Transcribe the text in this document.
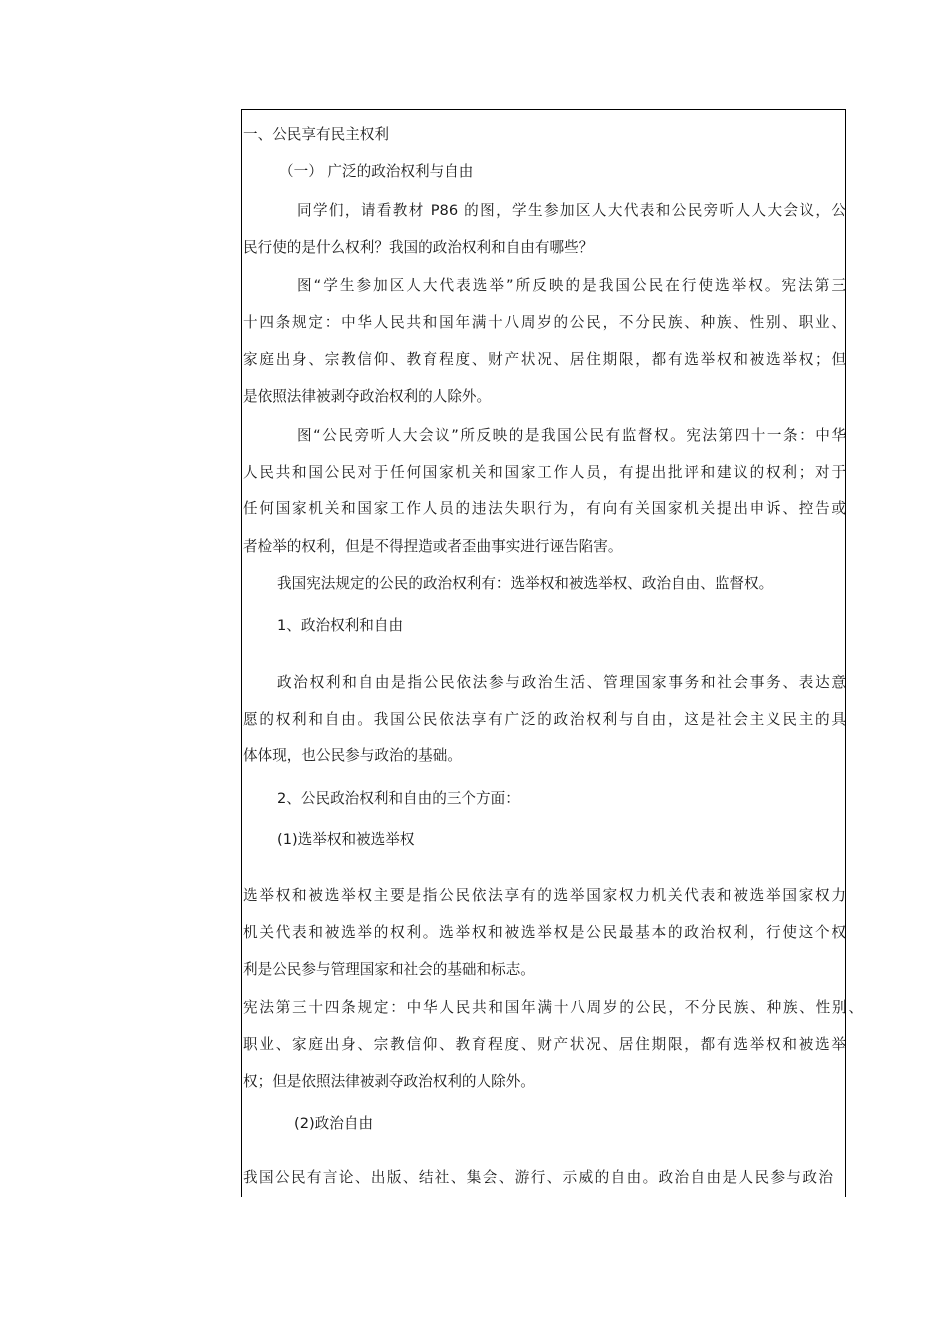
一、公民享有民主权利
（一） 广泛的政治权利与自由
同学们，请看教材 P86 的图，学生参加区人大代表和公民旁听人人大会议，公
民行使的是什么权利？我国的政治权利和自由有哪些？
图“学生参加区人大代表选举”所反映的是我国公民在行使选举权。宪法第三
十四条规定：中华人民共和国年满十八周岁的公民，不分民族、种族、性别、职业、
家庭出身、宗教信仰、教育程度、财产状况、居住期限，都有选举权和被选举权；但
是依照法律被剥夺政治权利的人除外。
图“公民旁听人大会议”所反映的是我国公民有监督权。宪法第四十一条：中华
人民共和国公民对于任何国家机关和国家工作人员，有提出批评和建议的权利；对于
任何国家机关和国家工作人员的违法失职行为，有向有关国家机关提出申诉、控告或
者检举的权利，但是不得捏造或者歪曲事实进行诬告陷害。
我国宪法规定的公民的政治权利有：选举权和被选举权、政治自由、监督权。
1、政治权利和自由
政治权利和自由是指公民依法参与政治生活、管理国家事务和社会事务、表达意
愿的权利和自由。我国公民依法享有广泛的政治权利与自由，这是社会主义民主的具
体体现，也公民参与政治的基础。
2、公民政治权利和自由的三个方面：
(1)选举权和被选举权
选举权和被选举权主要是指公民依法享有的选举国家权力机关代表和被选举国家权力
机关代表和被选举的权利。选举权和被选举权是公民最基本的政治权利，行使这个权
利是公民参与管理国家和社会的基础和标志。
宪法第三十四条规定：中华人民共和国年满十八周岁的公民，不分民族、种族、性别、
职业、家庭出身、宗教信仰、教育程度、财产状况、居住期限，都有选举权和被选举
权；但是依照法律被剥夺政治权利的人除外。
(2)政治自由
我国公民有言论、出版、结社、集会、游行、示威的自由。政治自由是人民参与政治
